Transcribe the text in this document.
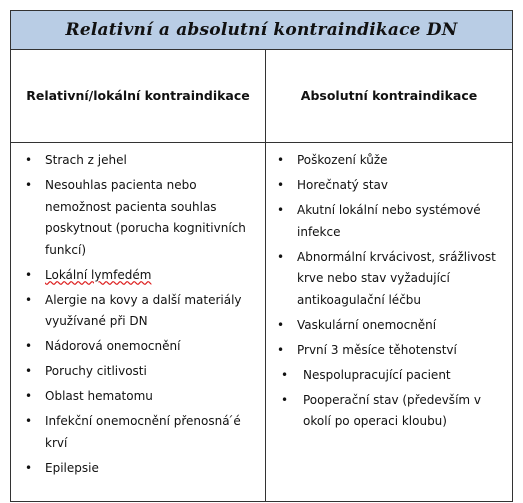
Relativní a absolutní kontraindikace DN
Relativní/lokální kontraindikace	Absolutní kontraindikace
• Strach z jehel
• Nesouhlas pacienta nebo nemožnost pacienta souhlas poskytnout (porucha kognitivních funkcí)
• Lokální lymfedém
• Alergie na kovy a další materiály využívané při DN
• Nádorová onemocnění
• Poruchy citlivosti
• Oblast hematomu
• Infekční onemocnění přenosná ́é krví
• Epilepsie
• Poškození kůže
• Horečnatý stav
• Akutní lokální nebo systémové infekce
• Abnormální krvácivost, srážlivost krve nebo stav vyžadující antikoagulační léčbu
• Vaskulární onemocnění
• První 3 měsíce těhotenství
• Nespolupracující pacient
• Pooperační stav (především v okolí po operaci kloubu)
